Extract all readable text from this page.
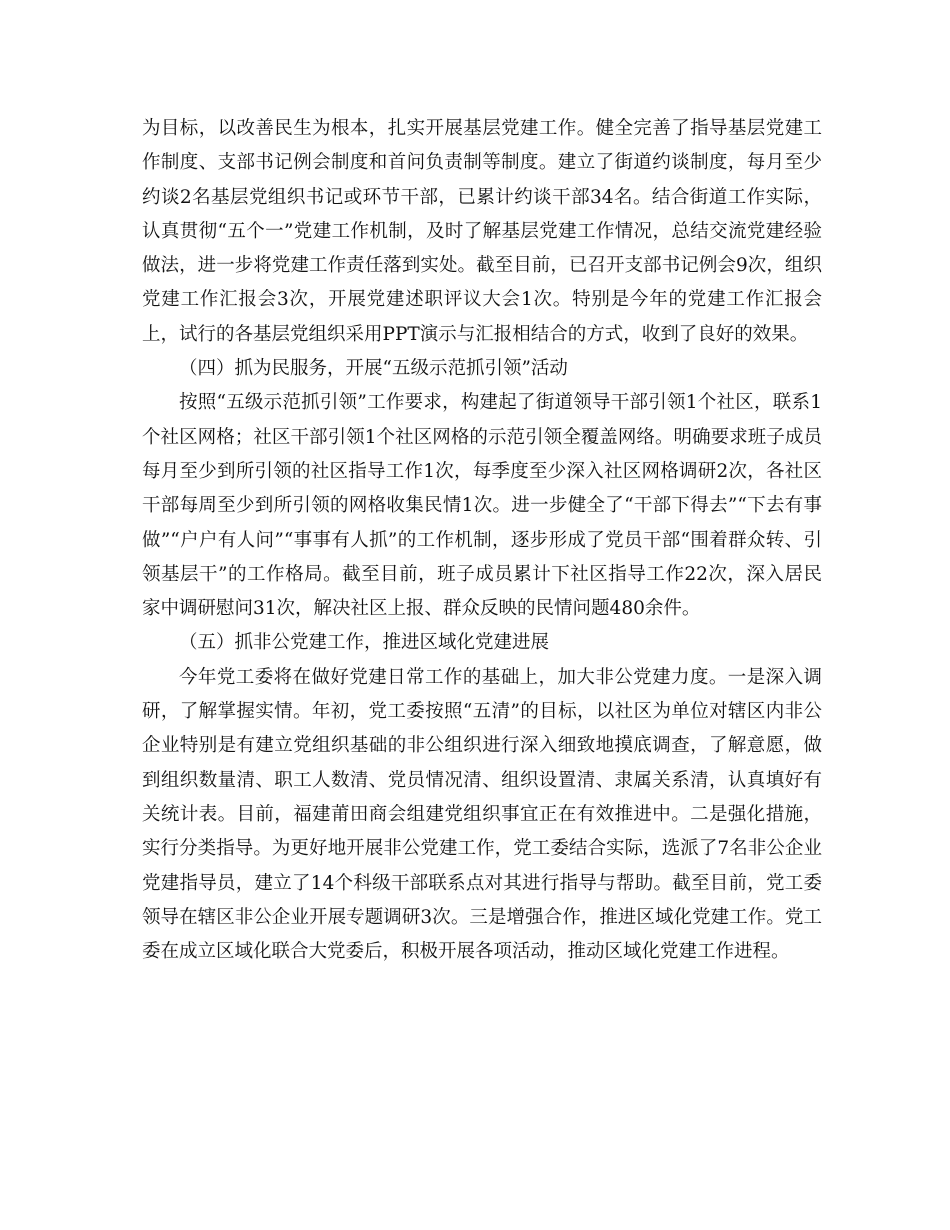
为目标，以改善民生为根本，扎实开展基层党建工作。健全完善了指导基层党建工作制度、支部书记例会制度和首问负责制等制度。建立了街道约谈制度，每月至少约谈2名基层党组织书记或环节干部，已累计约谈干部34名。结合街道工作实际，认真贯彻“五个一”党建工作机制，及时了解基层党建工作情况，总结交流党建经验做法，进一步将党建工作责任落到实处。截至目前，已召开支部书记例会9次，组织党建工作汇报会3次，开展党建述职评议大会1次。特别是今年的党建工作汇报会上，试行的各基层党组织采用PPT演示与汇报相结合的方式，收到了良好的效果。

（四）抓为民服务，开展“五级示范抓引领”活动

按照“五级示范抓引领”工作要求，构建起了街道领导干部引领1个社区，联系1个社区网格；社区干部引领1个社区网格的示范引领全覆盖网络。明确要求班子成员每月至少到所引领的社区指导工作1次，每季度至少深入社区网格调研2次，各社区干部每周至少到所引领的网格收集民情1次。进一步健全了“干部下得去”“下去有事做”“户户有人问”“事事有人抓”的工作机制，逐步形成了党员干部“围着群众转、引领基层干”的工作格局。截至目前，班子成员累计下社区指导工作22次，深入居民家中调研慰问31次，解决社区上报、群众反映的民情问题480余件。

（五）抓非公党建工作，推进区域化党建进展

今年党工委将在做好党建日常工作的基础上，加大非公党建力度。一是深入调研，了解掌握实情。年初，党工委按照“五清”的目标，以社区为单位对辖区内非公企业特别是有建立党组织基础的非公组织进行深入细致地摸底调查，了解意愿，做到组织数量清、职工人数清、党员情况清、组织设置清、隶属关系清，认真填好有关统计表。目前，福建莆田商会组建党组织事宜正在有效推进中。二是强化措施，实行分类指导。为更好地开展非公党建工作，党工委结合实际，选派了7名非公企业党建指导员，建立了14个科级干部联系点对其进行指导与帮助。截至目前，党工委领导在辖区非公企业开展专题调研3次。三是增强合作，推进区域化党建工作。党工委在成立区域化联合大党委后，积极开展各项活动，推动区域化党建工作进程。
